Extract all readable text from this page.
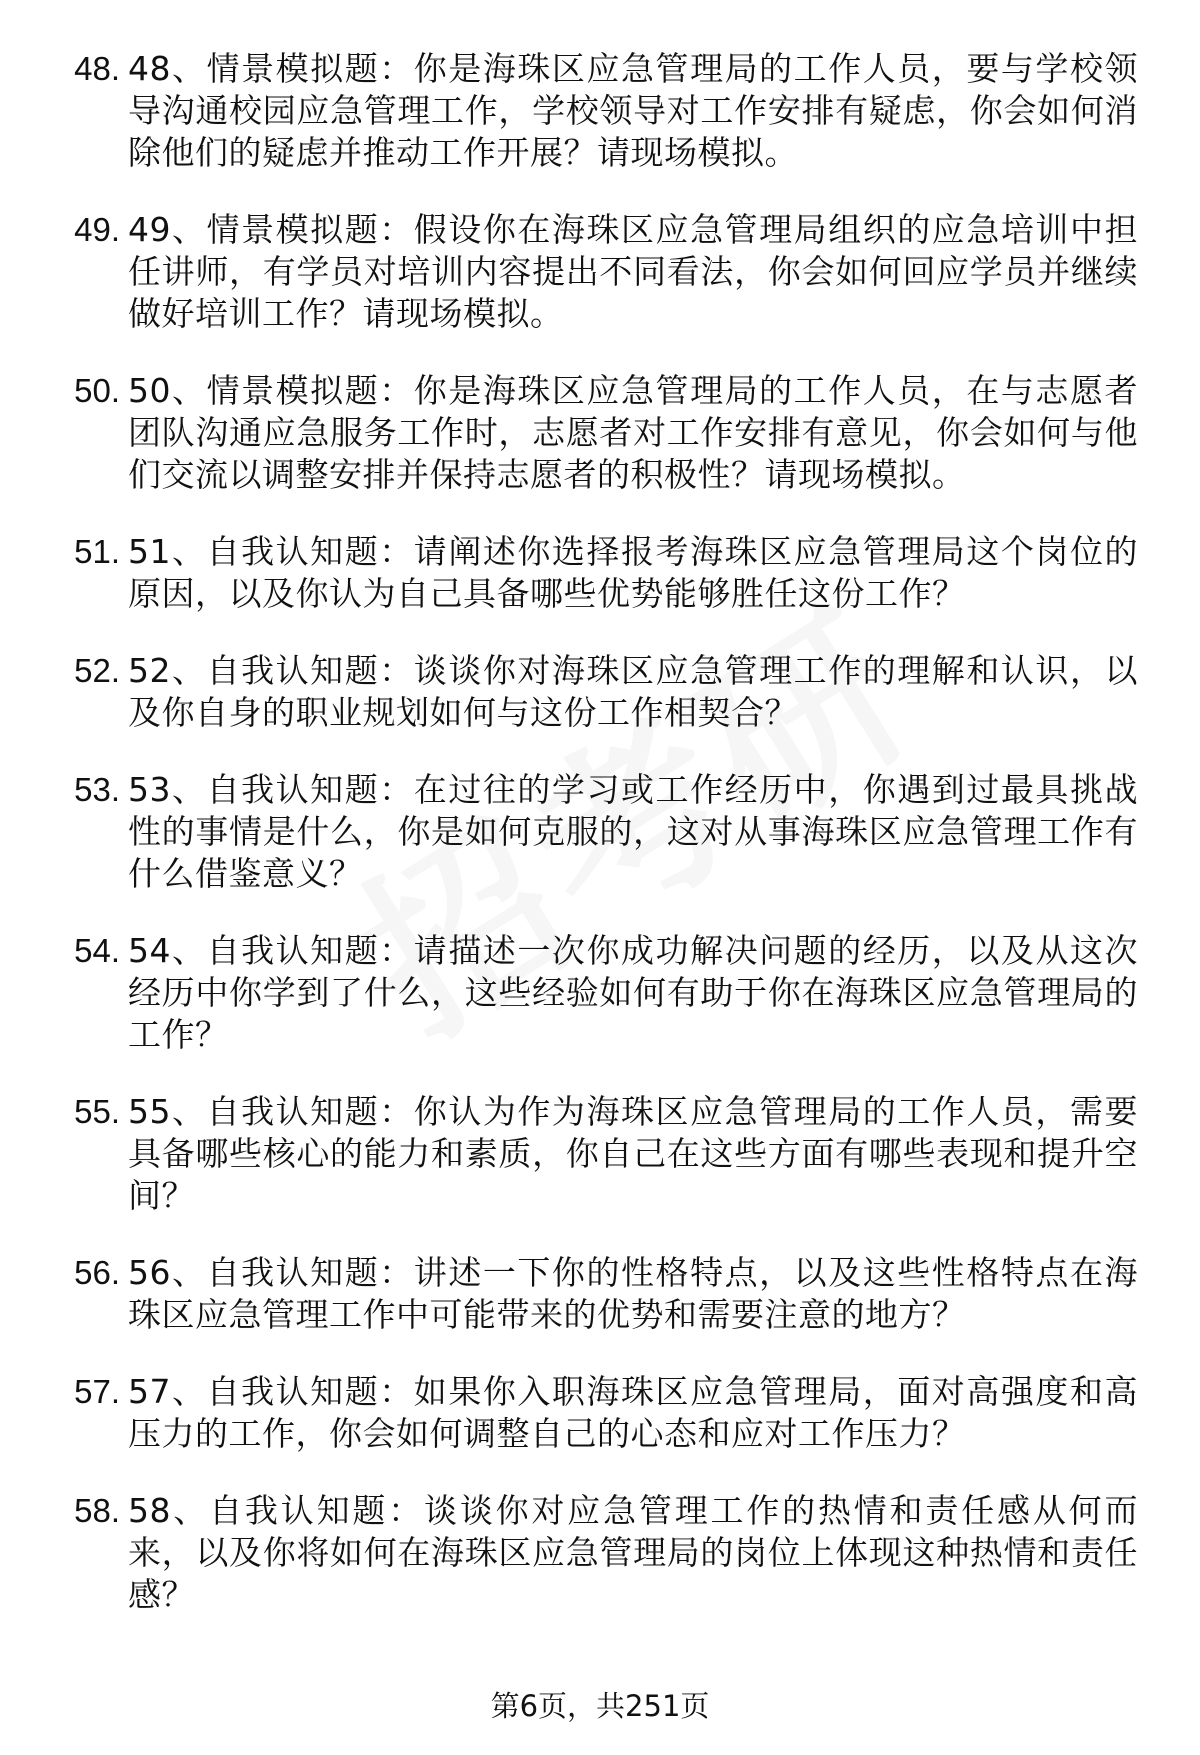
48. 48、情景模拟题：你是海珠区应急管理局的工作人员，要与学校领导沟通校园应急管理工作，学校领导对工作安排有疑虑，你会如何消除他们的疑虑并推动工作开展？请现场模拟。
49. 49、情景模拟题：假设你在海珠区应急管理局组织的应急培训中担任讲师，有学员对培训内容提出不同看法，你会如何回应学员并继续做好培训工作？请现场模拟。
50. 50、情景模拟题：你是海珠区应急管理局的工作人员，在与志愿者团队沟通应急服务工作时，志愿者对工作安排有意见，你会如何与他们交流以调整安排并保持志愿者的积极性？请现场模拟。
51. 51、自我认知题：请阐述你选择报考海珠区应急管理局这个岗位的原因，以及你认为自己具备哪些优势能够胜任这份工作？
52. 52、自我认知题：谈谈你对海珠区应急管理工作的理解和认识，以及你自身的职业规划如何与这份工作相契合？
53. 53、自我认知题：在过往的学习或工作经历中，你遇到过最具挑战性的事情是什么，你是如何克服的，这对从事海珠区应急管理工作有什么借鉴意义？
54. 54、自我认知题：请描述一次你成功解决问题的经历，以及从这次经历中你学到了什么，这些经验如何有助于你在海珠区应急管理局的工作？
55. 55、自我认知题：你认为作为海珠区应急管理局的工作人员，需要具备哪些核心的能力和素质，你自己在这些方面有哪些表现和提升空间？
56. 56、自我认知题：讲述一下你的性格特点，以及这些性格特点在海珠区应急管理工作中可能带来的优势和需要注意的地方？
57. 57、自我认知题：如果你入职海珠区应急管理局，面对高强度和高压力的工作，你会如何调整自己的心态和应对工作压力？
58. 58、自我认知题：谈谈你对应急管理工作的热情和责任感从何而来，以及你将如何在海珠区应急管理局的岗位上体现这种热情和责任感？
第6页，共251页
